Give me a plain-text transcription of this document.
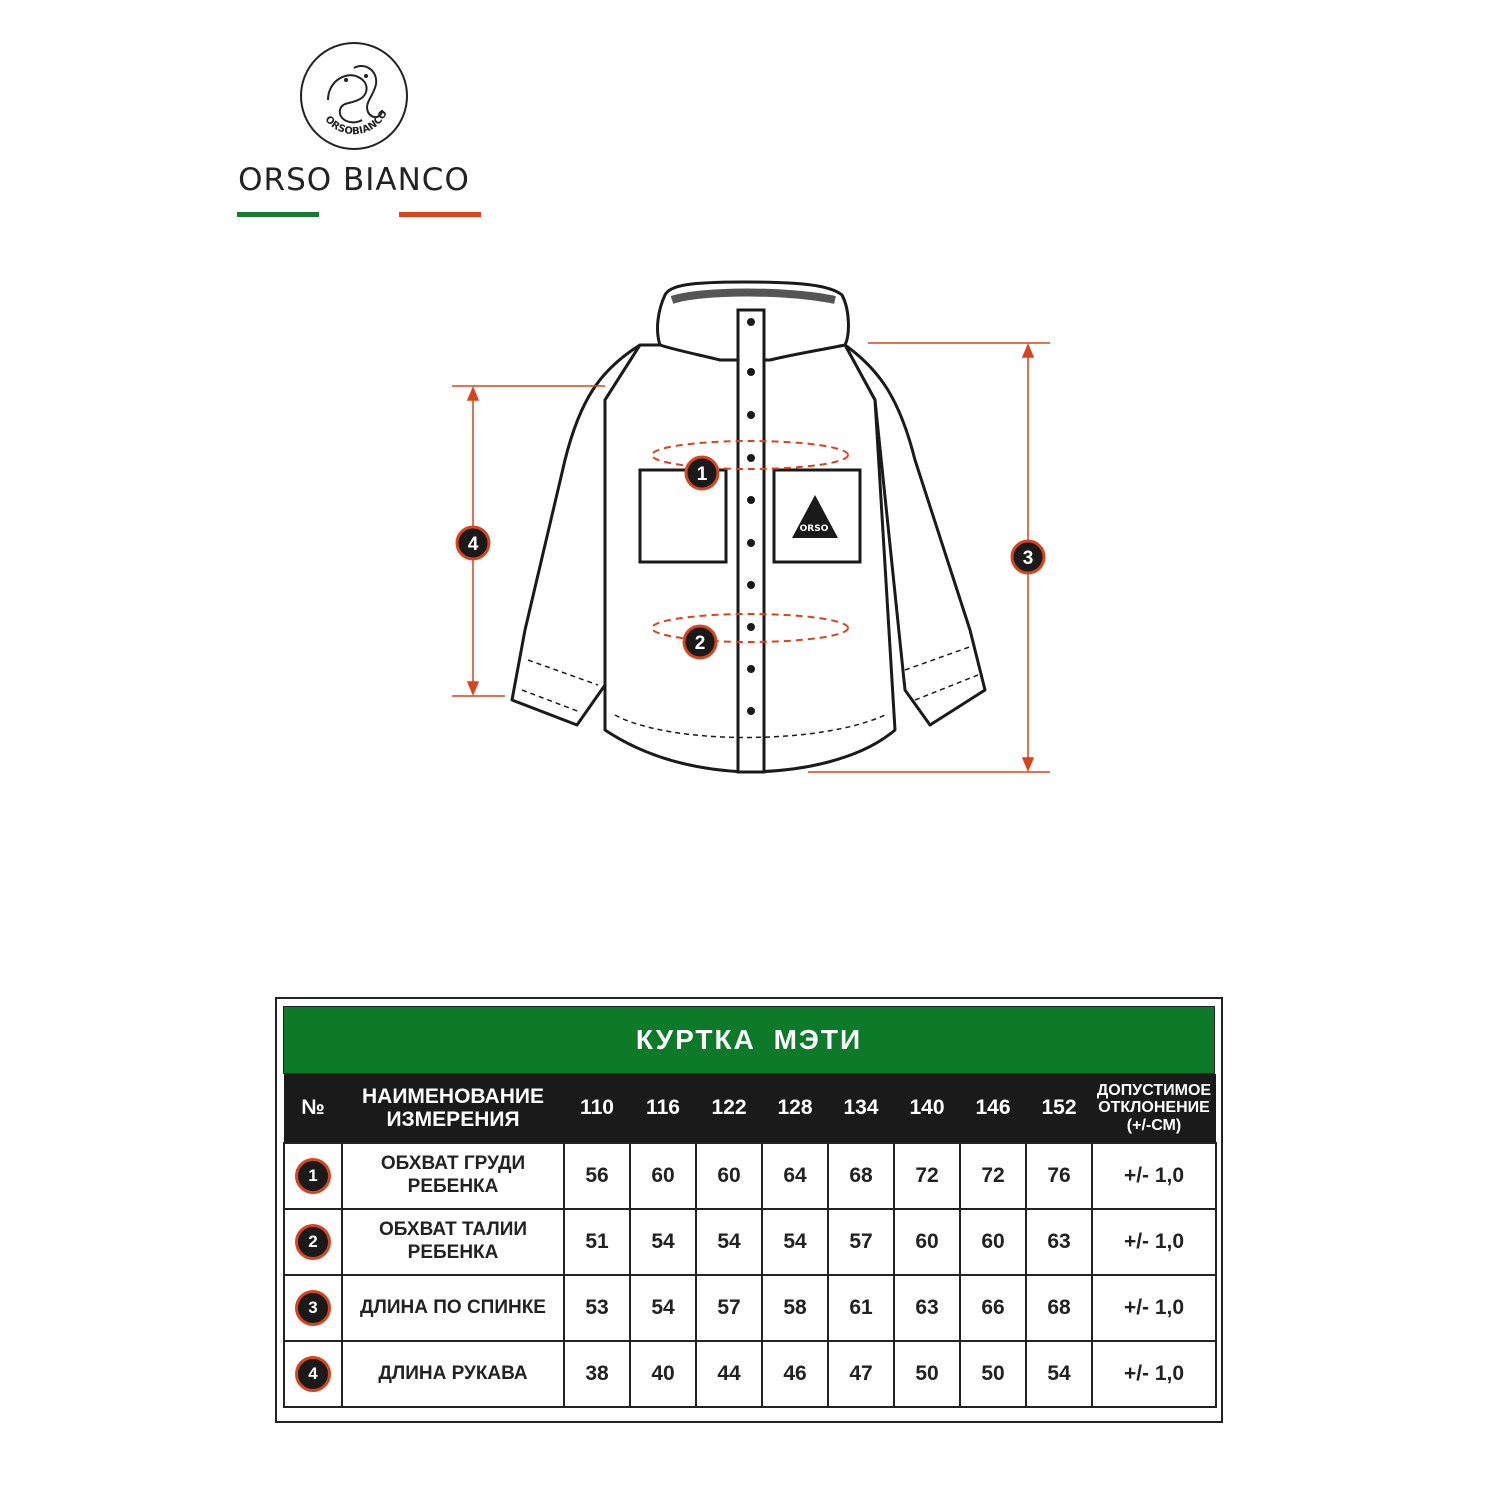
ORSOBIANCO
ORSO BIANCO
ORSO
1
2
3
4
КУРТКА МЭТИ
№	НАИМЕНОВАНИЕ ИЗМЕРЕНИЯ	110	116	122	128	134	140	146	152	ДОПУСТИМОЕ ОТКЛОНЕНИЕ (+/-СМ)
1	ОБХВАТ ГРУДИ РЕБЕНКА	56	60	60	64	68	72	72	76	+/- 1,0
2	ОБХВАТ ТАЛИИ РЕБЕНКА	51	54	54	54	57	60	60	63	+/- 1,0
3	ДЛИНА ПО СПИНКЕ	53	54	57	58	61	63	66	68	+/- 1,0
4	ДЛИНА РУКАВА	38	40	44	46	47	50	50	54	+/- 1,0
